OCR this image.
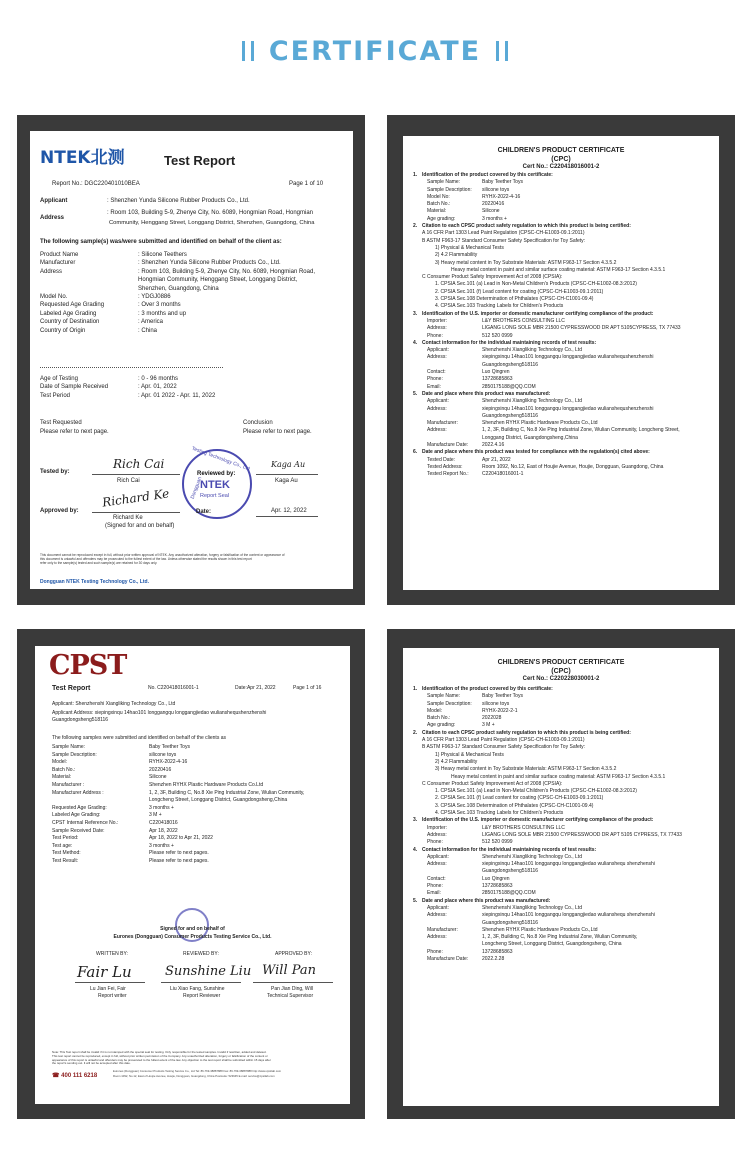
CERTIFICATE
NTEK北测	Test Report
Report No.: DGC220401010BEA	Page 1 of 10
Applicant	: Shenzhen Yunda Silicone Rubber Products Co., Ltd.
Address
: Room 103, Building 5-9, Zhenye City, No. 6089, Hongmian Road, Hongmian
Community, Henggang Street, Longgang District, Shenzhen, Guangdong, China
The following sample(s) was/were submitted and identified on behalf of the client as:
Product Name	: Silicone Teethers
Manufacturer	: Shenzhen Yunda Silicone Rubber Products Co., Ltd.
Address	: Room 103, Building 5-9, Zhenye City, No. 6089, Hongmian Road,
Hongmian Community, Henggang Street, Longgang District,
Shenzhen, Guangdong, China
Model No.	: YDGJ0886
Requested Age Grading	: Over 3 months
Labeled Age Grading	: 3 months and up
Country of Destination	: America
Country of Origin	: China
Age of Testing	: 0 - 96 months
Date of Sample Received	: Apr. 01, 2022
Test Period	: Apr. 01 2022 - Apr. 11, 2022
Test Requested
Please refer to next page.
Conclusion
Please refer to next page.
Tested by:
Rich Cai
Rich Cai
Kaga Au
Kaga Au
Testing Technology Co., Ltd
Dongguan
Reviewed by:
NTEK
Report Seal
Approved by:
Richard Ke
Richard Ke
(Signed for and on behalf)
Date:	Apr. 12, 2022
This document cannot be reproduced except in full, without prior written approval of NTEK. Any unauthorized alteration, forgery or falsification of the content or appearance of
this document is unlawful and offenders may be prosecuted to the fullest extent of the law. Unless otherwise stated the results shown in this test report
refer only to the sample(s) tested and such sample(s) are retained for 30 days only.
Dongguan NTEK Testing Technology Co., Ltd.
CHILDREN'S PRODUCT CERTIFICATE
(CPC)
Cert No.: C220418016001-2
1. Identification of the product covered by this certificate:
Sample Name:	Baby Teether Toys
Sample Description:	silicone toys
Model No:	RYHX-2022-4-16
Batch No.:	20220416
Material:	Silicone
Age grading:	3 months +
2. Citation to each CPSC product safety regulation to which this product is being certified:
A 16 CFR Part 1303 Lead Paint Regulation (CPSC-CH-E1003-09.1:2011)
B ASTM F963-17 Standard Consumer Safety Specification for Toy Safety:
1) Physical & Mechanical Tests
2) 4.2 Flammability
3) Heavy metal content in Toy Substrate Materials: ASTM F963-17 Section 4.3.5.2
Heavy metal content in paint and similar surface coating material: ASTM F963-17 Section 4.3.5.1
C Consumer Product Safety Improvement Act of 2008 (CPSIA):
1. CPSIA Sec.101 (a) Lead in Non-Metal Children's Products (CPSC-CH-E1002-08.3:2012)
2. CPSIA Sec.101 (f) Lead content for coating (CPSC-CH-E1003-09.1:2011)
3. CPSIA Sec.108 Determination of Phthalates (CPSC-CH-C1001-09.4)
4. CPSIA Sec.103 Tracking Labels for Children's Products
3. Identification of the U.S. importer or domestic manufacturer certifying compliance of the product:
Importer:	L&Y BROTHERS CONSULTING LLC
Address:	LIGANG LONG SOLE MBR 21500 CYPRESSWOOD DR APT 5105CYPRESS, TX 77433
Phone:	512 520 0999
4. Contact information for the individual maintaining records of test results:
Applicant:	Shenzhenshi Xiangliking Technology Co., Ltd
Address:	xiepingxinqu 14hao101 longgangqu longgangjiedao wulianshequshenzhenshi
Guangdongsheng518116
Contact:	Luo Qingren
Phone:	13728685863
Email:	2850175188@QQ.COM
5. Date and place where this product was manufactured:
Applicant:	Shenzhenshi Xiangliking Technology Co., Ltd
Address:	xiepingxinqu 14hao101 longgangqu longgangjiedao wulianshequshenzhenshi
Guangdongsheng518116
Manufacturer:	Shenzhen RYHX Plastic Hardware Products Co.,Ltd
Address:	1, 2, 3F, Building C, No.8 Xie Ping Industrial Zone, Wulian Community, Longcheng Street,
Longgang District, Guangdongsheng,China
Manufacture Date:	2022.4.16
6. Date and place where this product was tested for compliance with the regulation(s) cited above:
Tested Date:	Apr 21, 2022
Tested Address:	Room 1092, No.12, East of Houjie Avenue, Houjie, Dongguan, Guangdong, China
Tested Report No.:	C220418016001-1
CPST
Test Report	No. C220418016001-1	Date:Apr 21, 2022	Page 1 of 16
Applicant: Shenzhenshi Xiangliking Technology Co., Ltd
Applicant Address: xiepingxinqu 14hao101 longgangqu longgangjiedao wulianshequshenzhenshi
Guangdongsheng518116
The following samples were submitted and identified on behalf of the clients as
Sample Name:	Baby Teether Toys
Sample Description:	silicone toys
Model:	RYHX-2022-4-16
Batch No.:	20220416
Material:	Silicone
Manufacturer :	Shenzhen RYHX Plastic Hardware Products Co.Ltd
Manufacturer Address :	1, 2, 3F, Building C, No.8 Xie Ping Industrial Zone, Wulian Community,
Longcheng Street, Longgang District, Guangdongsheng,China
Requested Age Grading:	3 months +
Labeled Age Grading:	3 M +
CPST Internal Reference No.:	C220418016
Sample Received Date:	Apr 18, 2022
Test Period:	Apr 18, 2022 to Apr 21, 2022
Test age:	3 months +
Test Method:	Please refer to next pages.
Test Result:	Please refer to next pages.
Signed for and on behalf of
Eurones (Dongguan) Consumer Products Testing Service Co., Ltd.
WRITTEN BY:	REVIEWED BY:	APPROVED BY:
Fair Lu	Sunshine Liu Will Pan
Lu Jian Fei, Fair
Report writer
Liu Xiao Fang, Sunshine
Report Reviewer
Pan Jian Ding, Will
Technical Supervisor
Note: This Test report shall be invalid if it is not stamped with the special seal for testing. Only responsible for the tested samples. Invalid if rewritten, added and deleted.
This test report cannot be reproduced, except in full, without prior written permission of the Company. Any unauthorized alteration, forgery or falsification of the content or
appearance of this report is unlawful and offenders may be prosecuted to the fullest extent of the law. Any objection to the test report shall be submitted within 15 days after
the report's sending out. It will not be accepted after this date.
☎ 400 111 6218
Eurones (Dongguan) Consumer Products Testing Service Co., Ltd Tel: 86-769-38887888 Fax: 86-769-38887888 http://www.cpstlab.com
Room 1092, No.12, East of Houjie Avenue, Houjie, Dongguan, Guangdong, China Postcode: 523945 E-mail: service@cpstlab.com
CHILDREN'S PRODUCT CERTIFICATE
(CPC)
Cert No.: C220228030001-2
1. Identification of the product covered by this certificate:
Sample Name:	Baby Teether Toys
Sample Description:	silicone toys
Model:	RYHX-2022-2-1
Batch No.:	2022028
Age grading:	3 M +
2. Citation to each CPSC product safety regulation to which this product is being certified:
A 16 CFR Part 1303 Lead Paint Regulation (CPSC-CH-E1003-09.1:2011)
B ASTM F963-17 Standard Consumer Safety Specification for Toy Safety:
1) Physical & Mechanical Tests
2) 4.2 Flammability
3) Heavy metal content in Toy Substrate Materials: ASTM F963-17 Section 4.3.5.2
Heavy metal content in paint and similar surface coating material: ASTM F963-17 Section 4.3.5.1
C Consumer Product Safety Improvement Act of 2008 (CPSIA):
1. CPSIA Sec.101 (a) Lead in Non-Metal Children's Products (CPSC-CH-E1002-08.3:2012)
2. CPSIA Sec.101 (f) Lead content for coating (CPSC-CH-E1003-09.1:2011)
3. CPSIA Sec.108 Determination of Phthalates (CPSC-CH-C1001-09.4)
4. CPSIA Sec.103 Tracking Labels for Children's Products
3. Identification of the U.S. importer or domestic manufacturer certifying compliance of the product:
Importer:	L&Y BROTHERS CONSULTING LLC
Address:	LIGANG LONG SOLE MBR 21500 CYPRESSWOOD DR APT 5105 CYPRESS, TX 77433
Phone:	512 520 0999
4. Contact information for the individual maintaining records of test results:
Applicant:	Shenzhenshi Xiangliking Technology Co., Ltd
Address:	xiepingxinqu 14hao101 longgangqu longgangjiedao wulianshequ shenzhenshi
Guangdongsheng518116
Contact:	Luo Qingren
Phone:	13728685863
Email:	2850175188@QQ.COM
5. Date and place where this product was manufactured:
Applicant:	Shenzhenshi Xiangliking Technology Co., Ltd
Address:	xiepingxinqu 14hao101 longgangqu longgangjiedao wulianshequ shenzhenshi
Guangdongsheng518116
Manufacturer:	Shenzhen RYHX Plastic Hardware Products Co.,Ltd
Address:	1, 2, 3F, Building C, No.8 Xie Ping Industrial Zone, Wulian Community,
Longcheng Street, Longgang District, Guangdongsheng, China
Phone:	13728685863
Manufacture Date:	2022.2.28
